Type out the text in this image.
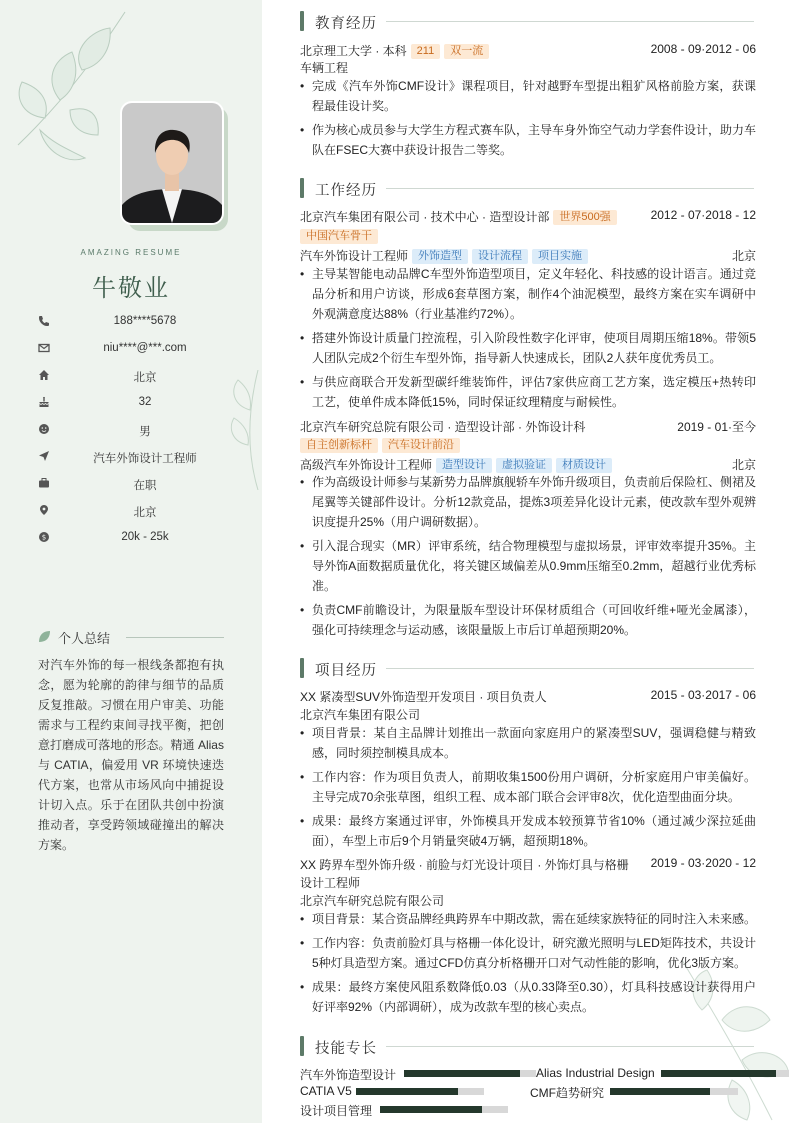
AMAZING RESUME
牛敬业
188****5678
niu****@***.com
北京
32
男
汽车外饰设计工程师
在职
北京
$	20k - 25k
个人总结
对汽车外饰的每一根线条都抱有执念，愿为轮廓的韵律与细节的品质反复推敲。习惯在用户审美、功能需求与工程约束间寻找平衡，把创意打磨成可落地的形态。精通 Alias 与 CATIA，偏爱用 VR 环境快速迭代方案，也常从市场风向中捕捉设计切入点。乐于在团队共创中扮演推动者，享受跨领域碰撞出的解决方案。
教育经历
北京理工大学 · 本科 211 双一流	2008 - 09·2012 - 06
车辆工程
• 完成《汽车外饰CMF设计》课程项目，针对越野车型提出粗犷风格前脸方案，获课程最佳设计奖。
• 作为核心成员参与大学生方程式赛车队，主导车身外饰空气动力学套件设计，助力车队在FSEC大赛中获设计报告二等奖。
工作经历
北京汽车集团有限公司 · 技术中心 · 造型设计部 世界500强	2012 - 07·2018 - 12
中国汽车骨干
汽车外饰设计工程师 外饰造型 设计流程 项目实施	北京
• 主导某智能电动品牌C车型外饰造型项目，定义年轻化、科技感的设计语言。通过竞品分析和用户访谈，形成6套草图方案，制作4个油泥模型，最终方案在实车调研中外观满意度达88%（行业基准约72%）。
• 搭建外饰设计质量门控流程，引入阶段性数字化评审，使项目周期压缩18%。带领5人团队完成2个衍生车型外饰，指导新人快速成长，团队2人获年度优秀员工。
• 与供应商联合开发新型碳纤维装饰件，评估7家供应商工艺方案，选定模压+热转印工艺，使单件成本降低15%，同时保证纹理精度与耐候性。
北京汽车研究总院有限公司 · 造型设计部 · 外饰设计科	2019 - 01·至今
自主创新标杆 汽车设计前沿
高级汽车外饰设计工程师 造型设计 虚拟验证 材质设计	北京
• 作为高级设计师参与某新势力品牌旗舰轿车外饰升级项目，负责前后保险杠、侧裙及尾翼等关键部件设计。分析12款竞品，提炼3项差异化设计元素，使改款车型外观辨识度提升25%（用户调研数据）。
• 引入混合现实（MR）评审系统，结合物理模型与虚拟场景，评审效率提升35%。主导外饰A面数据质量优化，将关键区域偏差从0.9mm压缩至0.2mm，超越行业优秀标准。
• 负责CMF前瞻设计，为限量版车型设计环保材质组合（可回收纤维+哑光金属漆），强化可持续理念与运动感，该限量版上市后订单超预期20%。
项目经历
XX 紧凑型SUV外饰造型开发项目 · 项目负责人	2015 - 03·2017 - 06
北京汽车集团有限公司
• 项目背景：某自主品牌计划推出一款面向家庭用户的紧凑型SUV，强调稳健与精致感，同时须控制模具成本。
• 工作内容：作为项目负责人，前期收集1500份用户调研，分析家庭用户审美偏好。主导完成70余张草图，组织工程、成本部门联合会评审8次，优化造型曲面分块。
• 成果：最终方案通过评审，外饰模具开发成本较预算节省10%（通过减少深拉延曲面），车型上市后9个月销量突破4万辆，超预期18%。
XX 跨界车型外饰升级 · 前脸与灯光设计项目 · 外饰灯具与格栅 2019 - 03·2020 - 12
设计工程师
北京汽车研究总院有限公司
• 项目背景：某合资品牌经典跨界车中期改款，需在延续家族特征的同时注入未来感。
• 工作内容：负责前脸灯具与格栅一体化设计，研究激光照明与LED矩阵技术，共设计5种灯具造型方案。通过CFD仿真分析格栅开口对气动性能的影响，优化3版方案。
• 成果：最终方案使风阻系数降低0.03（从0.33降至0.30），灯具科技感设计获得用户好评率92%（内部调研），成为改款车型的核心卖点。
技能专长
汽车外饰造型设计	Alias Industrial Design
CATIA V5	CMF趋势研究
设计项目管理
